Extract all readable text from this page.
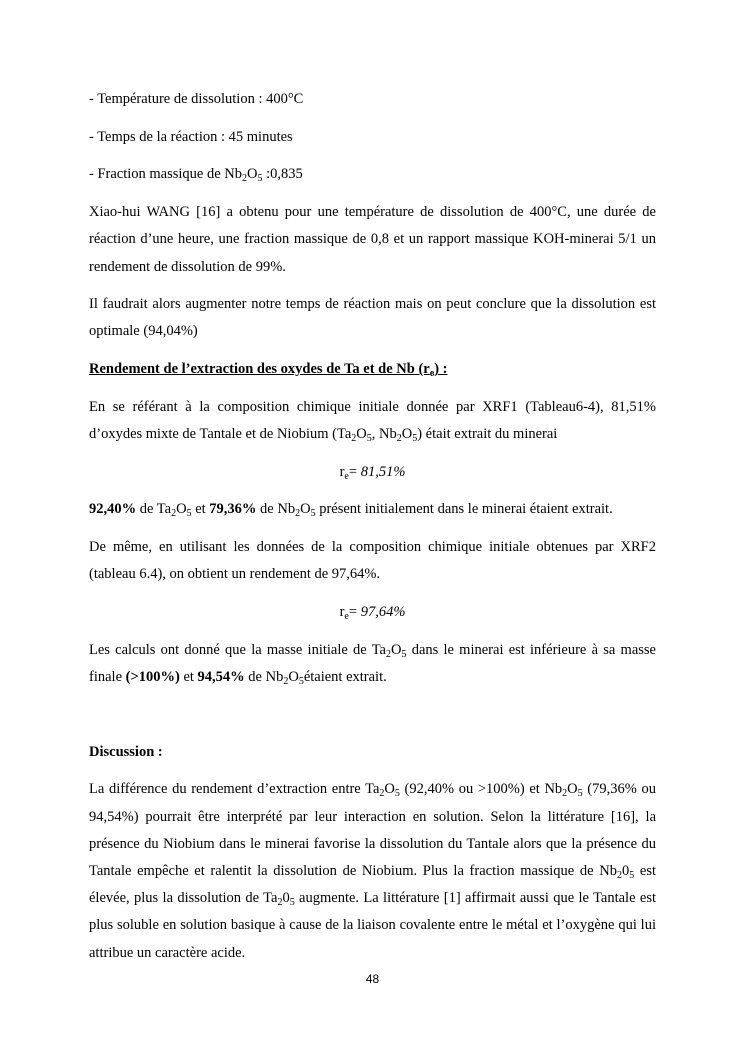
- Température de dissolution : 400°C

- Temps de la réaction : 45 minutes

- Fraction massique de $Nb_2O_5$ :0,835

Xiao-hui WANG [16] a obtenu pour une température de dissolution de 400°C, une durée de réaction d’une heure, une fraction massique de 0,8 et un rapport massique KOH-minerai 5/1 un rendement de dissolution de 99%.

Il faudrait alors augmenter notre temps de réaction mais on peut conclure que la dissolution est optimale (94,04%)

Rendement de l’extraction des oxydes de Ta et de Nb $(r_e)$ :

En se référant à la composition chimique initiale donnée par XRF1 (Tableau6-4), 81,51% d’oxydes mixte de Tantale et de Niobium ($Ta_2O_5$, $Nb_2O_5$) était extrait du minerai

$r_e= 81,51\%$

92,40% de $Ta_2O_5$ et 79,36% de $Nb_2O_5$ présent initialement dans le minerai étaient extrait.

De même, en utilisant les données de la composition chimique initiale obtenues par XRF2 (tableau 6.4), on obtient un rendement de 97,64%.

$r_e= 97,64\%$

Les calculs ont donné que la masse initiale de $Ta_2O_5$ dans le minerai est inférieure à sa masse finale (>100%) et 94,54% de $Nb_2O_5étaient$ extrait.

Discussion :

La différence du rendement d’extraction entre $Ta_2O_5$ (92,40% ou >100%) et $Nb_2O_5$ (79,36% ou 94,54%) pourrait être interprété par leur interaction en solution. Selon la littérature [16], la présence du Niobium dans le minerai favorise la dissolution du Tantale alors que la présence du Tantale empêche et ralentit la dissolution de Niobium. Plus la fraction massique de $Nb_20_5$ est élevée, plus la dissolution de $Ta_20_5$ augmente. La littérature [1] affirmait aussi que le Tantale est plus soluble en solution basique à cause de la liaison covalente entre le métal et l’oxygène qui lui attribue un caractère acide.

48
